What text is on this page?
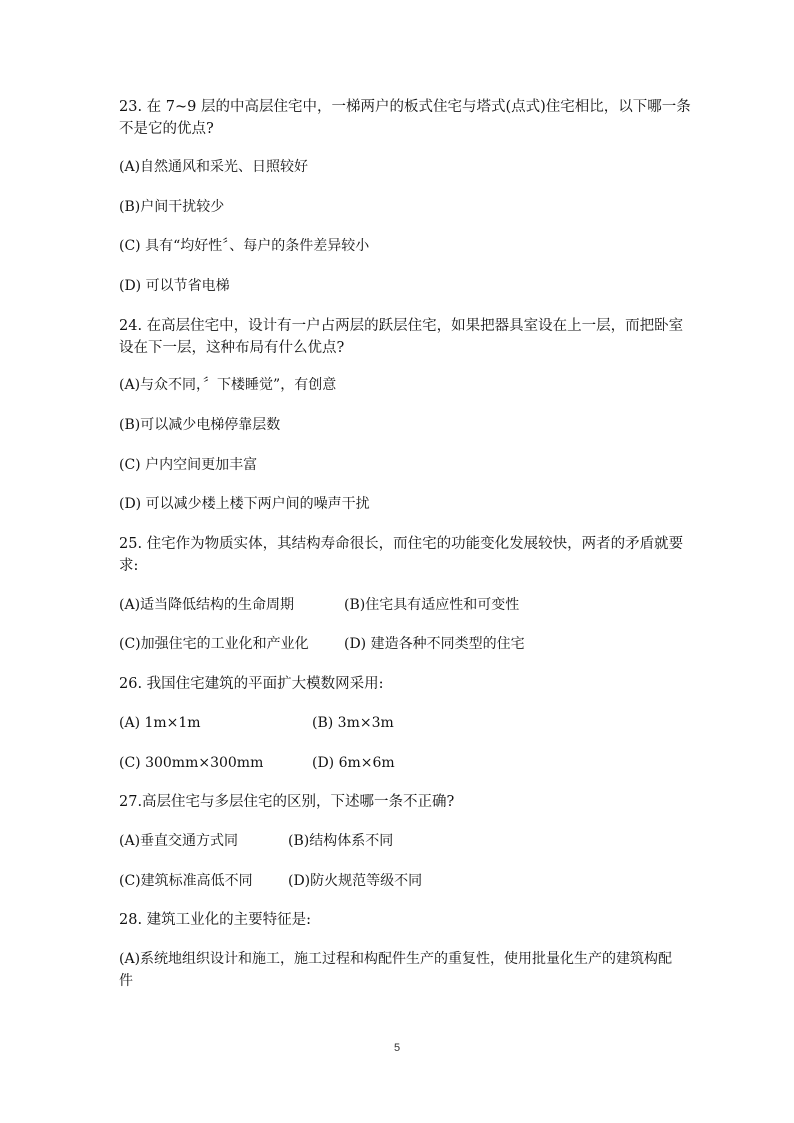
23. 在 7~9 层的中高层住宅中，一梯两户的板式住宅与塔式(点式)住宅相比，以下哪一条
不是它的优点?
(A)自然通风和采光、日照较好
(B)户间干扰较少
(C) 具有“均好性〞、每户的条件差异较小
(D) 可以节省电梯
24. 在高层住宅中，设计有一户占两层的跃层住宅，如果把器具室设在上一层，而把卧室
设在下一层，这种布局有什么优点?
(A)与众不同，〞下楼睡觉”，有创意
(B)可以减少电梯停靠层数
(C) 户内空间更加丰富
(D) 可以减少楼上楼下两户间的噪声干扰
25. 住宅作为物质实体，其结构寿命很长，而住宅的功能变化发展较快，两者的矛盾就要
求:
(A)适当降低结构的生命周期	(B)住宅具有适应性和可变性
(C)加强住宅的工业化和产业化	(D) 建造各种不同类型的住宅
26. 我国住宅建筑的平面扩大模数网采用:
(A) 1m×1m	(B) 3m×3m
(C) 300mm×300mm	(D) 6m×6m
27.高层住宅与多层住宅的区别，下述哪一条不正确?
(A)垂直交通方式同	(B)结构体系不同
(C)建筑标准高低不同	(D)防火规范等级不同
28. 建筑工业化的主要特征是:
(A)系统地组织设计和施工，施工过程和构配件生产的重复性，使用批量化生产的建筑构配
件
5
